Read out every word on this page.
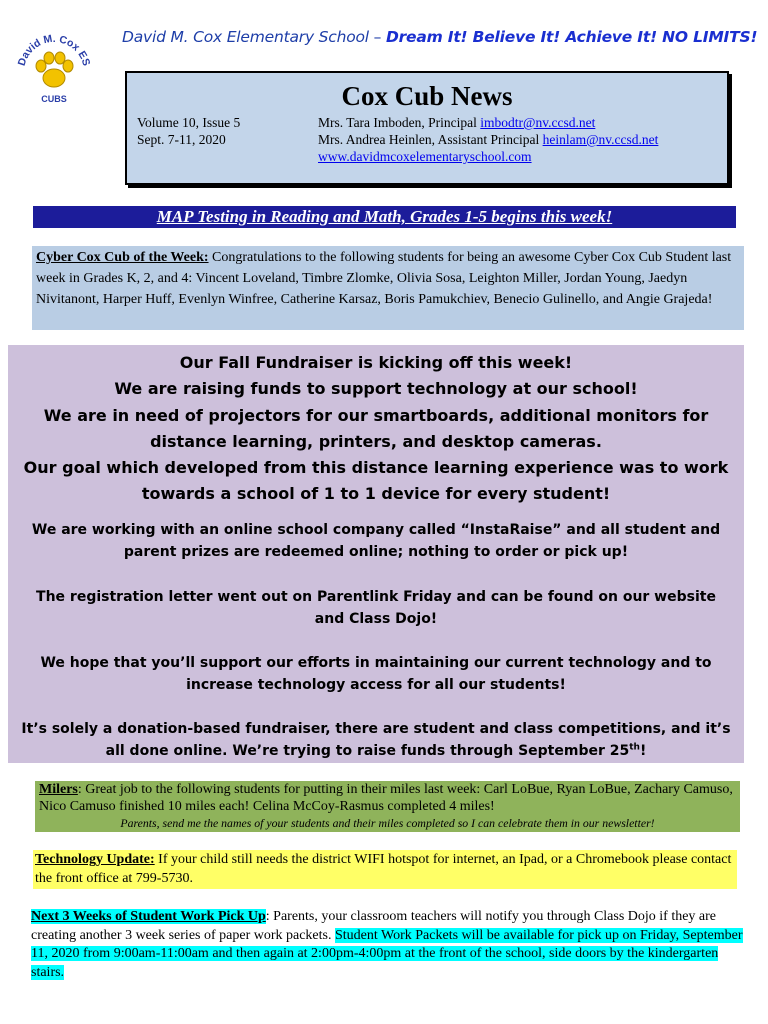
David M. Cox ES
CUBS
David M. Cox Elementary School – Dream It! Believe It! Achieve It! NO LIMITS!
Cox Cub News
Volume 10, Issue 5
Sept. 7-11, 2020
Mrs. Tara Imboden, Principal imbodtr@nv.ccsd.net
Mrs. Andrea Heinlen, Assistant Principal heinlam@nv.ccsd.net
www.davidmcoxelementaryschool.com
MAP Testing in Reading and Math, Grades 1-5 begins this week!
Cyber Cox Cub of the Week: Congratulations to the following students for being an awesome Cyber Cox Cub Student last week in Grades K, 2, and 4: Vincent Loveland, Timbre Zlomke, Olivia Sosa, Leighton Miller, Jordan Young, Jaedyn Nivitanont, Harper Huff, Evenlyn Winfree, Catherine Karsaz, Boris Pamukchiev, Benecio Gulinello, and Angie Grajeda!
Our Fall Fundraiser is kicking off this week!
We are raising funds to support technology at our school!
We are in need of projectors for our smartboards, additional monitors for distance learning, printers, and desktop cameras.
Our goal which developed from this distance learning experience was to work towards a school of 1 to 1 device for every student!
We are working with an online school company called “InstaRaise” and all student and parent prizes are redeemed online; nothing to order or pick up!
The registration letter went out on Parentlink Friday and can be found on our website and Class Dojo!
We hope that you’ll support our efforts in maintaining our current technology and to increase technology access for all our students!
It’s solely a donation-based fundraiser, there are student and class competitions, and it’s all done online. We’re trying to raise funds through September 25th!
Milers: Great job to the following students for putting in their miles last week: Carl LoBue, Ryan LoBue, Zachary Camuso, Nico Camuso finished 10 miles each! Celina McCoy-Rasmus completed 4 miles!
Parents, send me the names of your students and their miles completed so I can celebrate them in our newsletter!
Technology Update: If your child still needs the district WIFI hotspot for internet, an Ipad, or a Chromebook please contact the front office at 799-5730.
Next 3 Weeks of Student Work Pick Up: Parents, your classroom teachers will notify you through Class Dojo if they are creating another 3 week series of paper work packets. Student Work Packets will be available for pick up on Friday, September 11, 2020 from 9:00am-11:00am and then again at 2:00pm-4:00pm at the front of the school, side doors by the kindergarten stairs.
